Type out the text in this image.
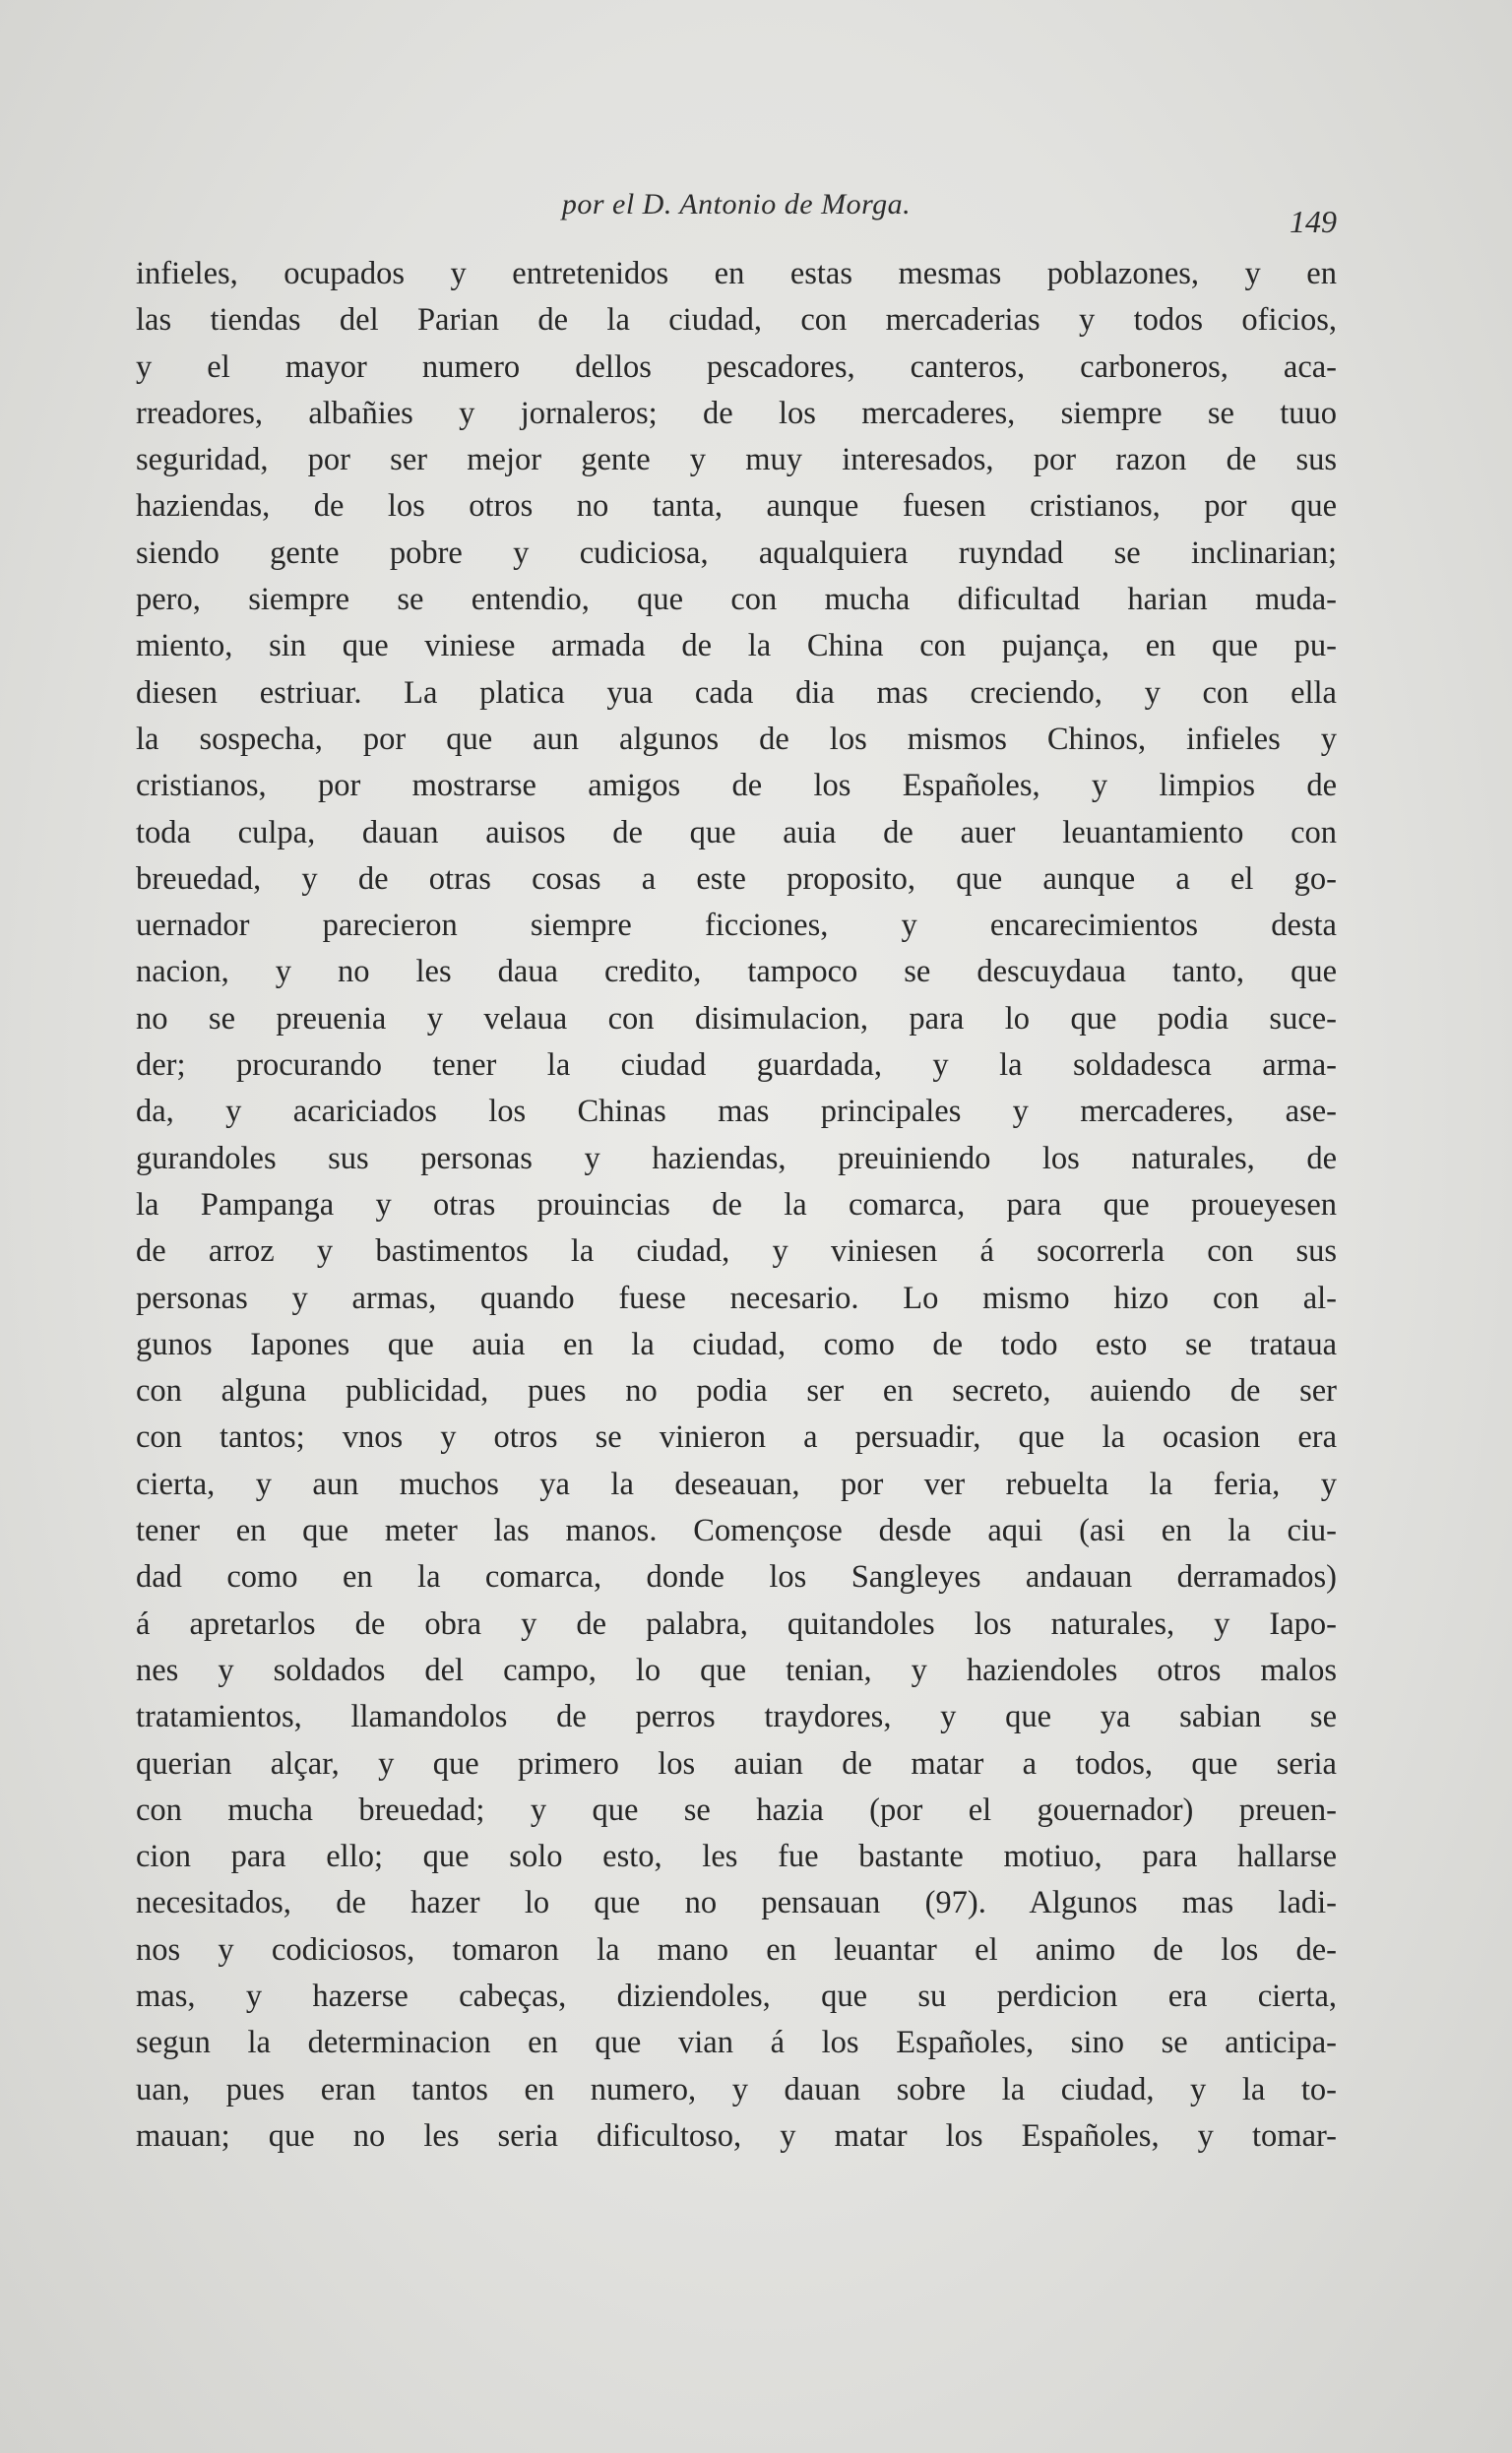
por el D. Antonio de Morga.	149
infieles, ocupados y entretenidos en estas mesmas poblazones, y en
las tiendas del Parian de la ciudad, con mercaderias y todos oficios,
y el mayor numero dellos pescadores, canteros, carboneros, aca-
rreadores, albañies y jornaleros; de los mercaderes, siempre se tuuo
seguridad, por ser mejor gente y muy interesados, por razon de sus
haziendas, de los otros no tanta, aunque fuesen cristianos, por que
siendo gente pobre y cudiciosa, aqualquiera ruyndad se inclinarian;
pero, siempre se entendio, que con mucha dificultad harian muda-
miento, sin que viniese armada de la China con pujança, en que pu-
diesen estriuar. La platica yua cada dia mas creciendo, y con ella
la sospecha, por que aun algunos de los mismos Chinos, infieles y
cristianos, por mostrarse amigos de los Españoles, y limpios de
toda culpa, dauan auisos de que auia de auer leuantamiento con
breuedad, y de otras cosas a este proposito, que aunque a el go-
uernador parecieron siempre ficciones, y encarecimientos desta
nacion, y no les daua credito, tampoco se descuydaua tanto, que
no se preuenia y velaua con disimulacion, para lo que podia suce-
der; procurando tener la ciudad guardada, y la soldadesca arma-
da, y acariciados los Chinas mas principales y mercaderes, ase-
gurandoles sus personas y haziendas, preuiniendo los naturales, de
la Pampanga y otras prouincias de la comarca, para que proueyesen
de arroz y bastimentos la ciudad, y viniesen á socorrerla con sus
personas y armas, quando fuese necesario. Lo mismo hizo con al-
gunos Iapones que auia en la ciudad, como de todo esto se trataua
con alguna publicidad, pues no podia ser en secreto, auiendo de ser
con tantos; vnos y otros se vinieron a persuadir, que la ocasion era
cierta, y aun muchos ya la deseauan, por ver rebuelta la feria, y
tener en que meter las manos. Començose desde aqui (asi en la ciu-
dad como en la comarca, donde los Sangleyes andauan derramados)
á apretarlos de obra y de palabra, quitandoles los naturales, y Iapo-
nes y soldados del campo, lo que tenian, y haziendoles otros malos
tratamientos, llamandolos de perros traydores, y que ya sabian se
querian alçar, y que primero los auian de matar a todos, que seria
con mucha breuedad; y que se hazia (por el gouernador) preuen-
cion para ello; que solo esto, les fue bastante motiuo, para hallarse
necesitados, de hazer lo que no pensauan (97). Algunos mas ladi-
nos y codiciosos, tomaron la mano en leuantar el animo de los de-
mas, y hazerse cabeças, diziendoles, que su perdicion era cierta,
segun la determinacion en que vian á los Españoles, sino se anticipa-
uan, pues eran tantos en numero, y dauan sobre la ciudad, y la to-
mauan; que no les seria dificultoso, y matar los Españoles, y tomar-
